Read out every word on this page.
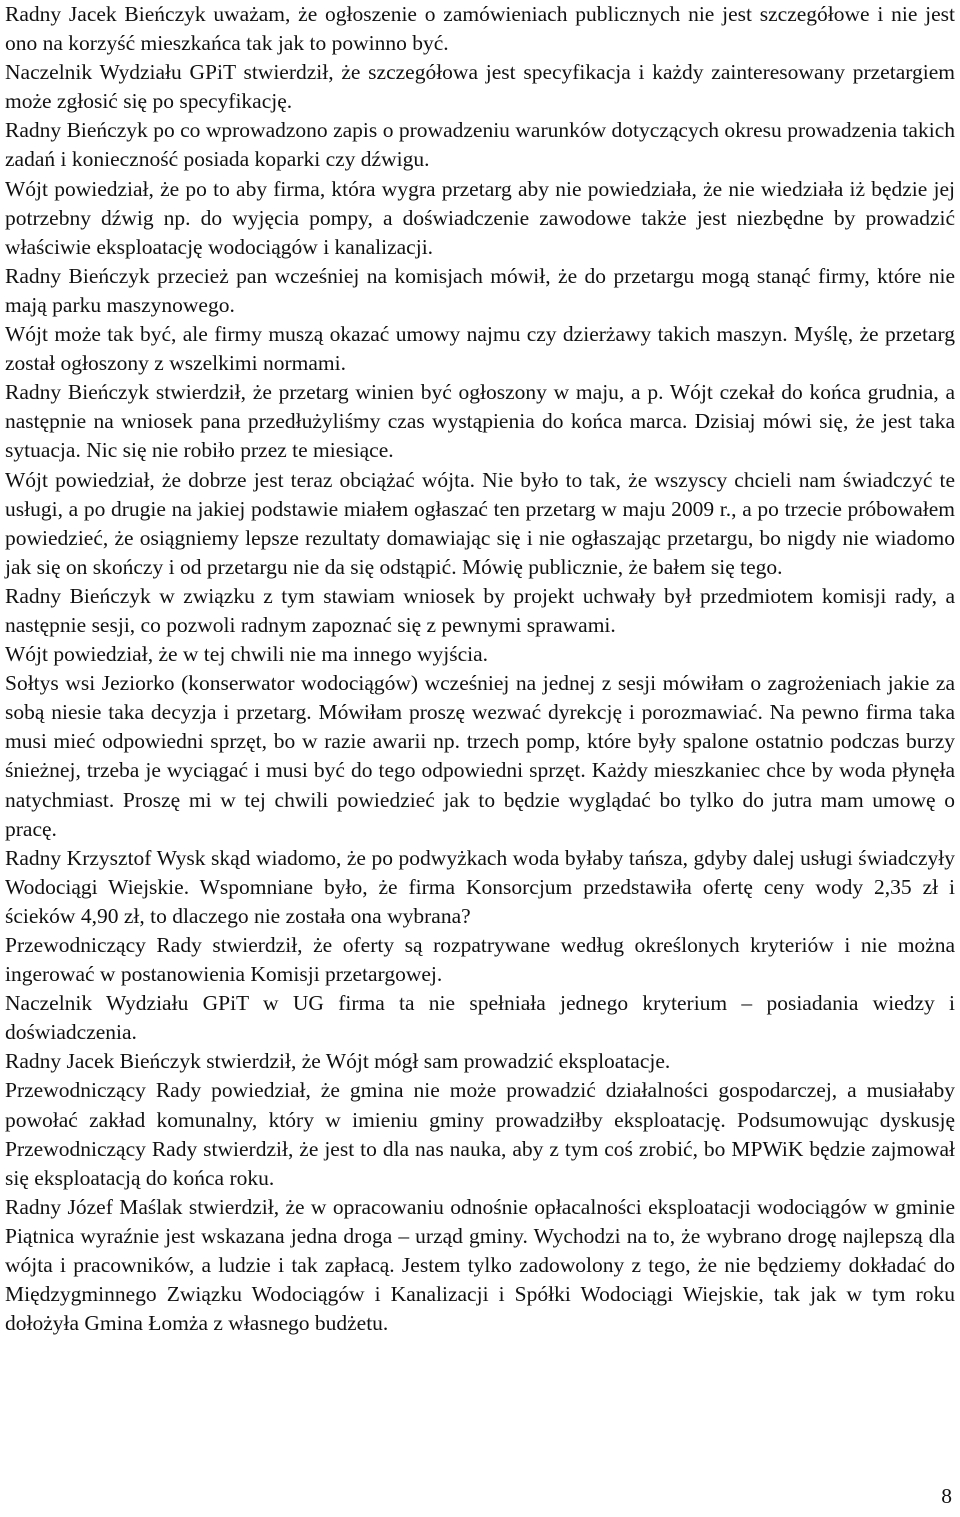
Radny Jacek Bieńczyk uważam, że ogłoszenie o zamówieniach publicznych nie jest szczegółowe i nie jest ono na korzyść mieszkańca tak jak to powinno być.

Naczelnik Wydziału GPiT stwierdził, że szczegółowa jest specyfikacja i każdy zainteresowany przetargiem może zgłosić się po specyfikację.

Radny Bieńczyk po co wprowadzono zapis o prowadzeniu warunków dotyczących okresu prowadzenia takich zadań i konieczność posiada koparki czy dźwigu.

Wójt powiedział, że po to aby firma, która wygra przetarg aby nie powiedziała, że nie wiedziała iż będzie jej potrzebny dźwig np. do wyjęcia pompy, a doświadczenie zawodowe także jest niezbędne by prowadzić właściwie eksploatację wodociągów i kanalizacji.

Radny Bieńczyk przecież pan wcześniej na komisjach mówił, że do przetargu mogą stanąć firmy, które nie mają parku maszynowego.

Wójt może tak być, ale firmy muszą okazać umowy najmu czy dzierżawy takich maszyn. Myślę, że przetarg został ogłoszony z wszelkimi normami.

Radny Bieńczyk stwierdził, że przetarg winien być ogłoszony w maju, a p. Wójt czekał do końca grudnia, a następnie na wniosek pana przedłużyliśmy czas wystąpienia do końca marca. Dzisiaj mówi się, że jest taka sytuacja. Nic się nie robiło przez te miesiące.

Wójt powiedział, że dobrze jest teraz obciążać wójta. Nie było to tak, że wszyscy chcieli nam świadczyć te usługi, a po drugie na jakiej podstawie miałem ogłaszać ten przetarg w maju 2009 r., a po trzecie próbowałem powiedzieć, że osiągniemy lepsze rezultaty domawiając się i nie ogłaszając przetargu, bo nigdy nie wiadomo jak się on skończy i od przetargu nie da się odstąpić. Mówię publicznie, że bałem się tego.

Radny Bieńczyk w związku z tym stawiam wniosek by projekt uchwały był przedmiotem komisji rady, a następnie sesji, co pozwoli radnym zapoznać się z pewnymi sprawami.

Wójt powiedział, że w tej chwili nie ma innego wyjścia.

Sołtys wsi Jeziorko (konserwator wodociągów) wcześniej na jednej z sesji mówiłam o zagrożeniach jakie za sobą niesie taka decyzja i przetarg. Mówiłam proszę wezwać dyrekcję i porozmawiać. Na pewno firma taka musi mieć odpowiedni sprzęt, bo w razie awarii np. trzech pomp, które były spalone ostatnio podczas burzy śnieżnej, trzeba je wyciągać i musi być do tego odpowiedni sprzęt. Każdy mieszkaniec chce by woda płynęła natychmiast. Proszę mi w tej chwili powiedzieć jak to będzie wyglądać bo tylko do jutra mam umowę o pracę.

Radny Krzysztof Wysk skąd wiadomo, że po podwyżkach woda byłaby tańsza, gdyby dalej usługi świadczyły Wodociągi Wiejskie. Wspomniane było, że firma Konsorcjum przedstawiła ofertę ceny wody 2,35 zł i ścieków 4,90 zł, to dlaczego nie została ona wybrana?

Przewodniczący Rady stwierdził, że oferty są rozpatrywane według określonych kryteriów i nie można ingerować w postanowienia Komisji przetargowej.

Naczelnik Wydziału GPiT w UG firma ta nie spełniała jednego kryterium – posiadania wiedzy i doświadczenia.

Radny Jacek Bieńczyk stwierdził, że Wójt mógł sam prowadzić eksploatacje.

Przewodniczący Rady powiedział, że gmina nie może prowadzić działalności gospodarczej, a musiałaby powołać zakład komunalny, który w imieniu gminy prowadziłby eksploatację. Podsumowując dyskusję Przewodniczący Rady stwierdził, że jest to dla nas nauka, aby z tym coś zrobić, bo MPWiK będzie zajmował się eksploatacją do końca roku.

Radny Józef Maślak stwierdził, że w opracowaniu odnośnie opłacalności eksploatacji wodociągów w gminie Piątnica wyraźnie jest wskazana jedna droga – urząd gminy. Wychodzi na to, że wybrano drogę najlepszą dla wójta i pracowników, a ludzie i tak zapłacą. Jestem tylko zadowolony z tego, że nie będziemy dokładać do Międzygminnego Związku Wodociągów i Kanalizacji i Spółki Wodociągi Wiejskie, tak jak w tym roku dołożyła Gmina Łomża z własnego budżetu.

8
